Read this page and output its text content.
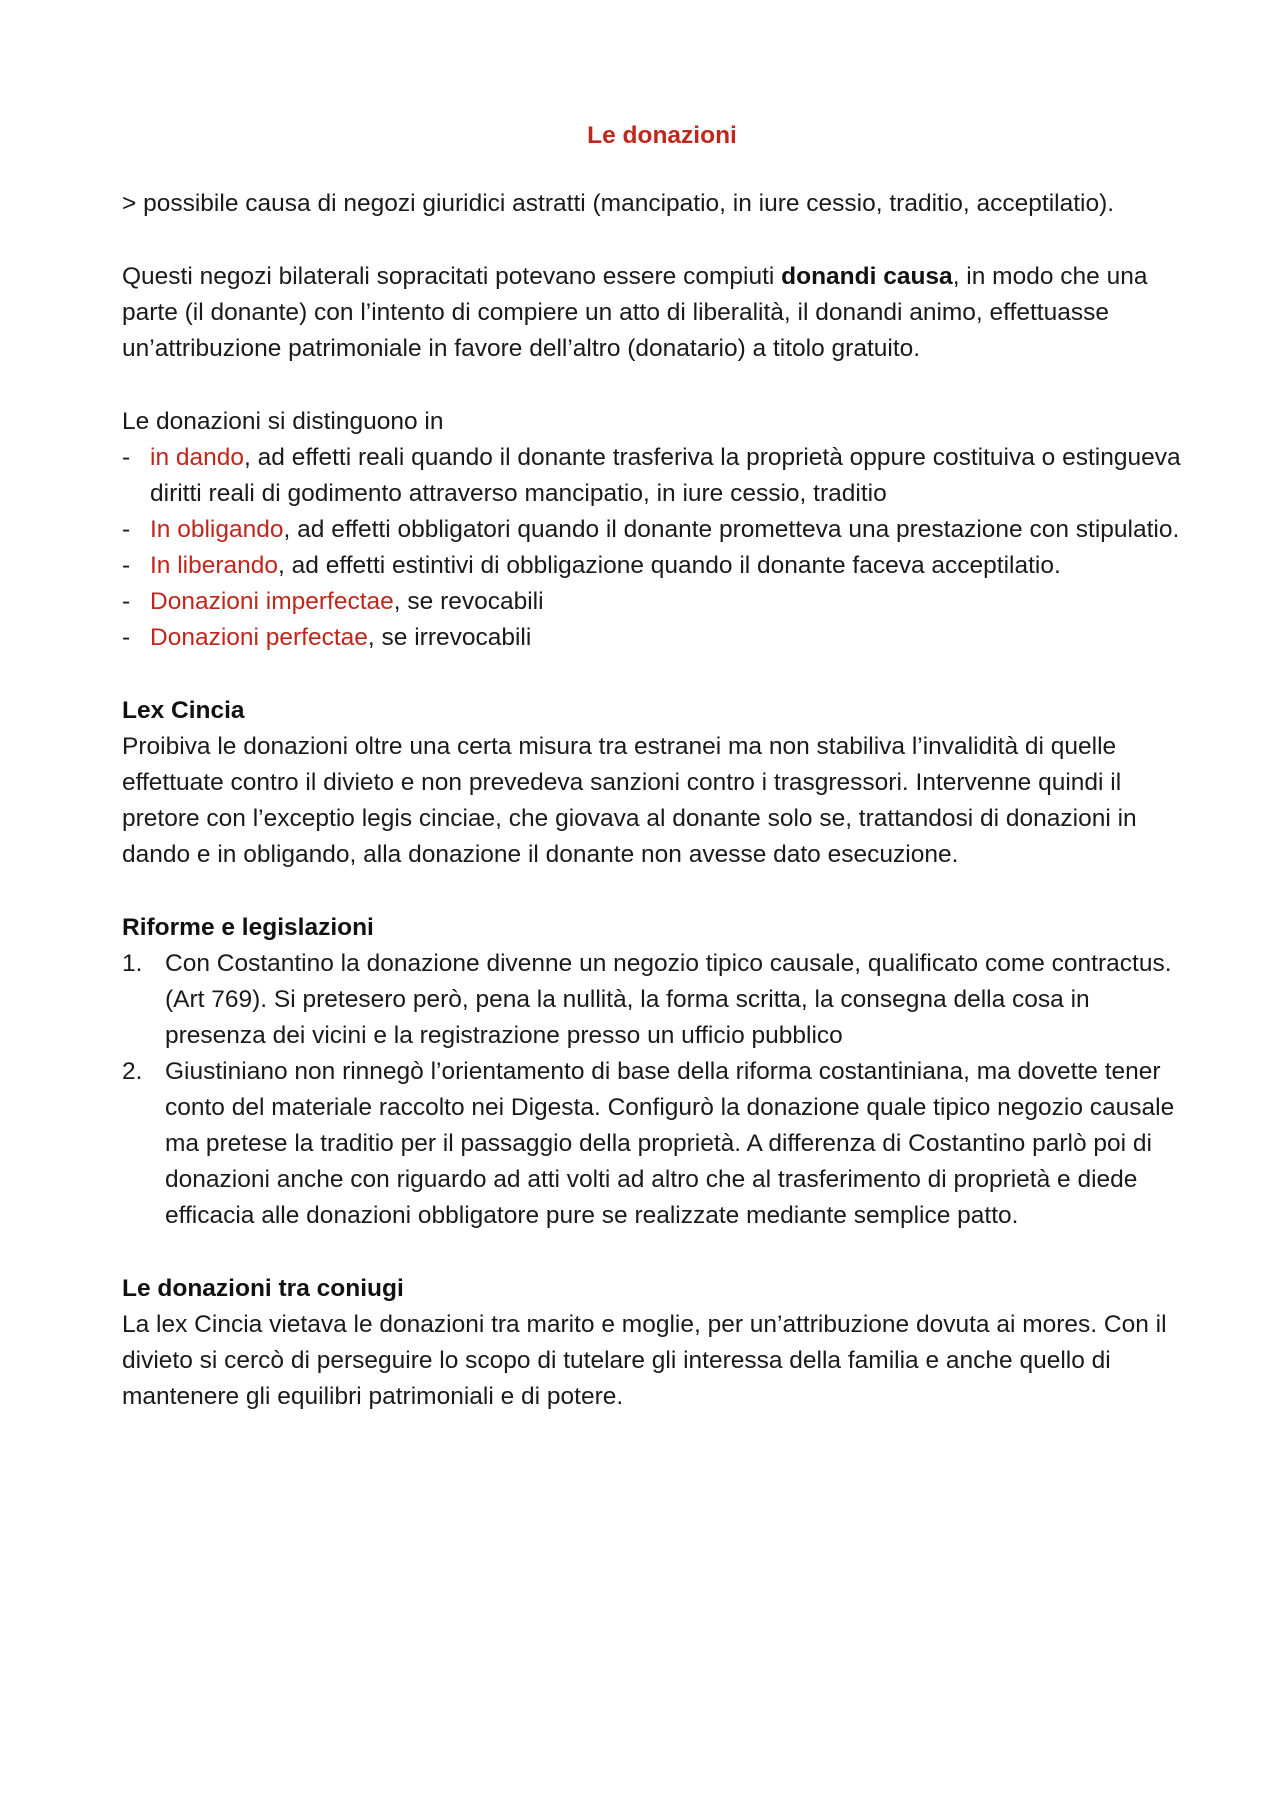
Le donazioni

> possibile causa di negozi giuridici astratti (mancipatio, in iure cessio, traditio, acceptilatio).

Questi negozi bilaterali sopracitati potevano essere compiuti donandi causa, in modo che una parte (il donante) con l’intento di compiere un atto di liberalità, il donandi animo, effettuasse un’attribuzione patrimoniale in favore dell’altro (donatario) a titolo gratuito.

Le donazioni si distinguono in

- in dando, ad effetti reali quando il donante trasferiva la proprietà oppure costituiva o estingueva diritti reali di godimento attraverso mancipatio, in iure cessio, traditio
- In obligando, ad effetti obbligatori quando il donante prometteva una prestazione con stipulatio.
- In liberando, ad effetti estintivi di obbligazione quando il donante faceva acceptilatio.
- Donazioni imperfectae, se revocabili
- Donazioni perfectae, se irrevocabili

Lex Cincia

Proibiva le donazioni oltre una certa misura tra estranei ma non stabiliva l’invalidità di quelle effettuate contro il divieto e non prevedeva sanzioni contro i trasgressori. Intervenne quindi il pretore con l’exceptio legis cinciae, che giovava al donante solo se, trattandosi di donazioni in dando e in obligando, alla donazione il donante non avesse dato esecuzione.

Riforme e legislazioni

1. Con Costantino la donazione divenne un negozio tipico causale, qualificato come contractus. (Art 769). Si pretesero però, pena la nullità, la forma scritta, la consegna della cosa in presenza dei vicini e la registrazione presso un ufficio pubblico
2. Giustiniano non rinnegò l’orientamento di base della riforma costantiniana, ma dovette tener conto del materiale raccolto nei Digesta. Configurò la donazione quale tipico negozio causale ma pretese la traditio per il passaggio della proprietà. A differenza di Costantino parlò poi di donazioni anche con riguardo ad atti volti ad altro che al trasferimento di proprietà e diede efficacia alle donazioni obbligatore pure se realizzate mediante semplice patto.

Le donazioni tra coniugi

La lex Cincia vietava le donazioni tra marito e moglie, per un’attribuzione dovuta ai mores. Con il divieto si cercò di perseguire lo scopo di tutelare gli interessa della familia e anche quello di mantenere gli equilibri patrimoniali e di potere.
